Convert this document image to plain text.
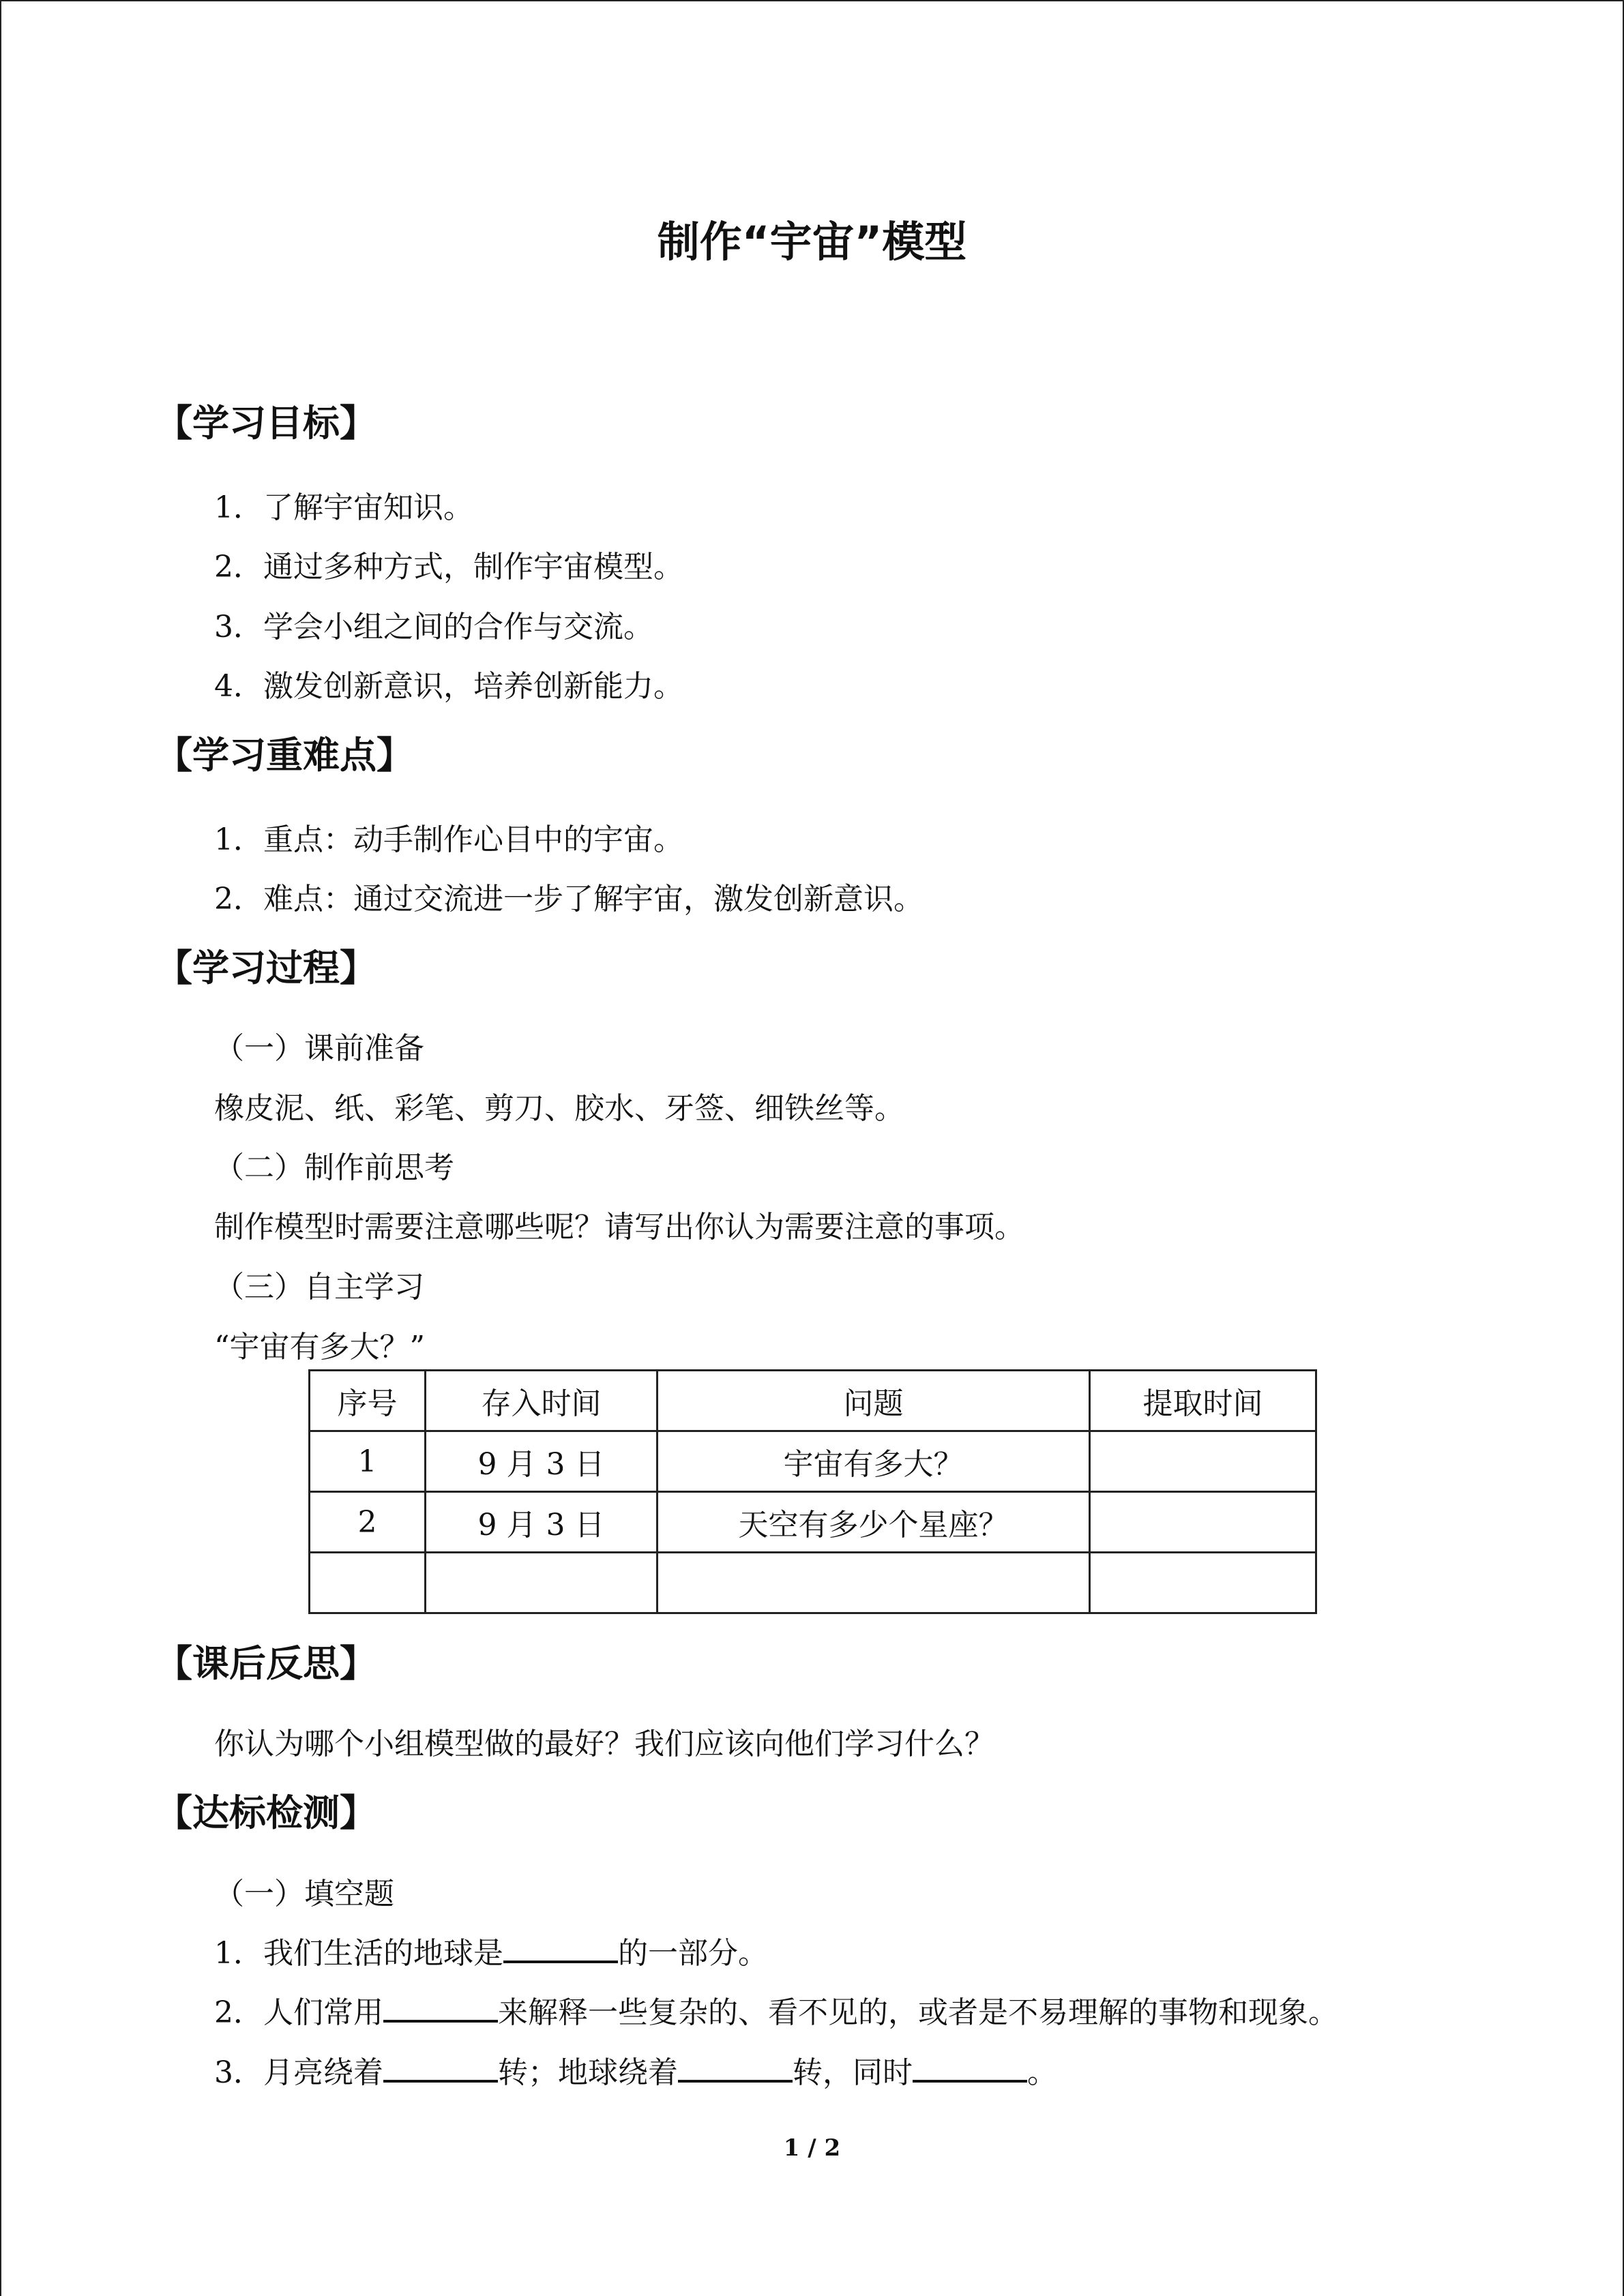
制作“宇宙”模型
【学习目标】
1．了解宇宙知识。
2．通过多种方式，制作宇宙模型。
3．学会小组之间的合作与交流。
4．激发创新意识，培养创新能力。
【学习重难点】
1．重点：动手制作心目中的宇宙。
2．难点：通过交流进一步了解宇宙，激发创新意识。
【学习过程】
（一）课前准备
橡皮泥、纸、彩笔、剪刀、胶水、牙签、细铁丝等。
（二）制作前思考
制作模型时需要注意哪些呢？请写出你认为需要注意的事项。
（三）自主学习
“宇宙有多大？”
序号	存入时间	问题	提取时间
1	9 月 3 日	宇宙有多大？	
2	9 月 3 日	天空有多少个星座？	

【课后反思】
你认为哪个小组模型做的最好？我们应该向他们学习什么？
【达标检测】
（一）填空题
1．我们生活的地球是	的一部分。
2．人们常用	来解释一些复杂的、看不见的，或者是不易理解的事物和现象。
3．月亮绕着	转；地球绕着	转，同时	。
1 / 2
